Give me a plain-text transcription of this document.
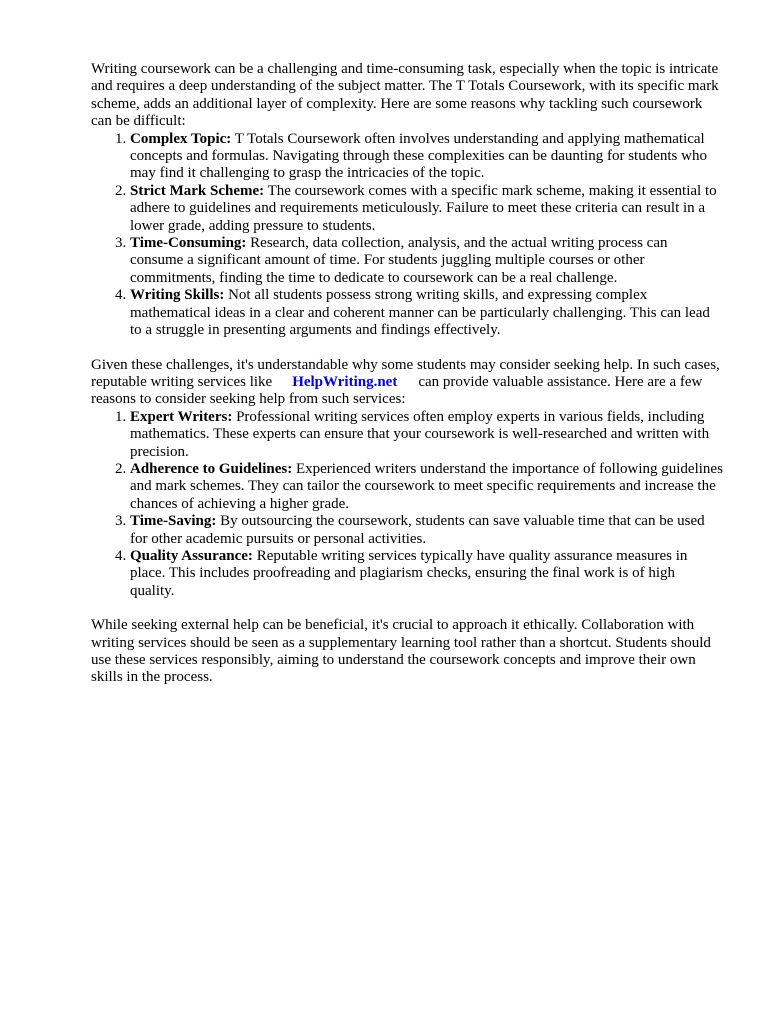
Writing coursework can be a challenging and time-consuming task, especially when the topic is intricate and requires a deep understanding of the subject matter. The T Totals Coursework, with its specific mark scheme, adds an additional layer of complexity. Here are some reasons why tackling such coursework can be difficult:

1. Complex Topic: T Totals Coursework often involves understanding and applying mathematical concepts and formulas. Navigating through these complexities can be daunting for students who may find it challenging to grasp the intricacies of the topic.
2. Strict Mark Scheme: The coursework comes with a specific mark scheme, making it essential to adhere to guidelines and requirements meticulously. Failure to meet these criteria can result in a lower grade, adding pressure to students.
3. Time-Consuming: Research, data collection, analysis, and the actual writing process can consume a significant amount of time. For students juggling multiple courses or other commitments, finding the time to dedicate to coursework can be a real challenge.
4. Writing Skills: Not all students possess strong writing skills, and expressing complex mathematical ideas in a clear and coherent manner can be particularly challenging. This can lead to a struggle in presenting arguments and findings effectively.

Given these challenges, it's understandable why some students may consider seeking help. In such cases, reputable writing services like HelpWriting.net can provide valuable assistance. Here are a few reasons to consider seeking help from such services:

1. Expert Writers: Professional writing services often employ experts in various fields, including mathematics. These experts can ensure that your coursework is well-researched and written with precision.
2. Adherence to Guidelines: Experienced writers understand the importance of following guidelines and mark schemes. They can tailor the coursework to meet specific requirements and increase the chances of achieving a higher grade.
3. Time-Saving: By outsourcing the coursework, students can save valuable time that can be used for other academic pursuits or personal activities.
4. Quality Assurance: Reputable writing services typically have quality assurance measures in place. This includes proofreading and plagiarism checks, ensuring the final work is of high quality.

While seeking external help can be beneficial, it's crucial to approach it ethically. Collaboration with writing services should be seen as a supplementary learning tool rather than a shortcut. Students should use these services responsibly, aiming to understand the coursework concepts and improve their own skills in the process.
